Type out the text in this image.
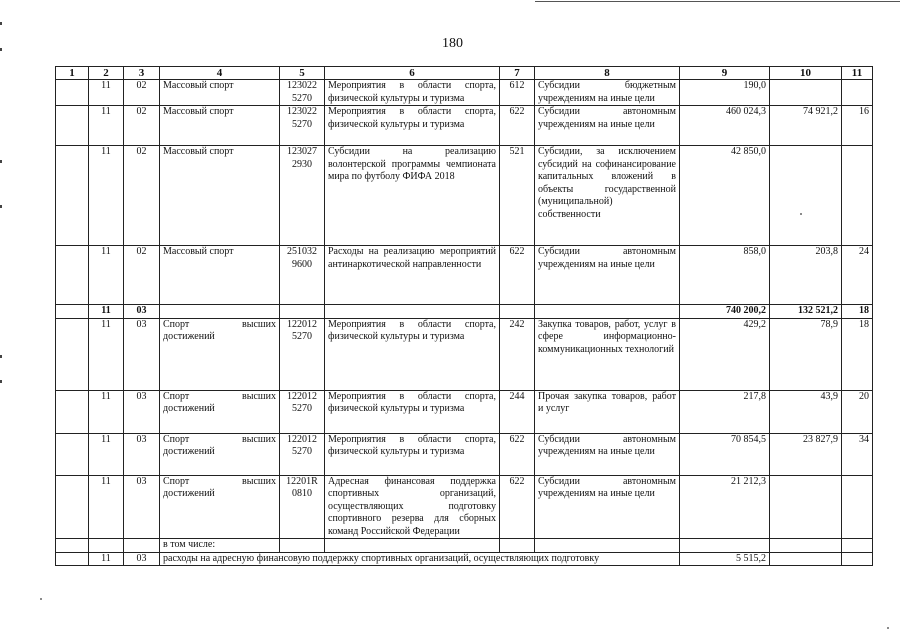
180
1	2	3	4	5	6	7	8	9	10	11
	11	02	Массовый спорт	123022 5270	Мероприятия в области спорта, физической культуры и туризма	612	Субсидии бюджетным учреждениям на иные цели	190,0		
	11	02	Массовый спорт	123022 5270	Мероприятия в области спорта, физической культуры и туризма	622	Субсидии автономным учреждениям на иные цели	460 024,3	74 921,2	16
	11	02	Массовый спорт	123027 2930	Субсидии на реализацию волонтерской программы чемпионата мира по футболу ФИФА 2018	521	Субсидии, за исключением субсидий на софинансирование капитальных вложений в объекты государственной (муниципальной) собственности	42 850,0		
	11	02	Массовый спорт	251032 9600	Расходы на реализацию мероприятий антинаркотической направленности	622	Субсидии автономным учреждениям на иные цели	858,0	203,8	24
	11	03						740 200,2	132 521,2	18
	11	03	Спорт высших достижений	122012 5270	Мероприятия в области спорта, физической культуры и туризма	242	Закупка товаров, работ, услуг в сфере информационно-коммуникационных технологий	429,2	78,9	18
	11	03	Спорт высших достижений	122012 5270	Мероприятия в области спорта, физической культуры и туризма	244	Прочая закупка товаров, работ и услуг	217,8	43,9	20
	11	03	Спорт высших достижений	122012 5270	Мероприятия в области спорта, физической культуры и туризма	622	Субсидии автономным учреждениям на иные цели	70 854,5	23 827,9	34
	11	03	Спорт высших достижений	12201R 0810	Адресная финансовая поддержка спортивных организаций, осуществляющих подготовку спортивного резерва для сборных команд Российской Федерации	622	Субсидии автономным учреждениям на иные цели	21 212,3		
			в том числе:							
	11	03	расходы на адресную финансовую поддержку спортивных организаций, осуществляющих подготовку					5 515,2		
